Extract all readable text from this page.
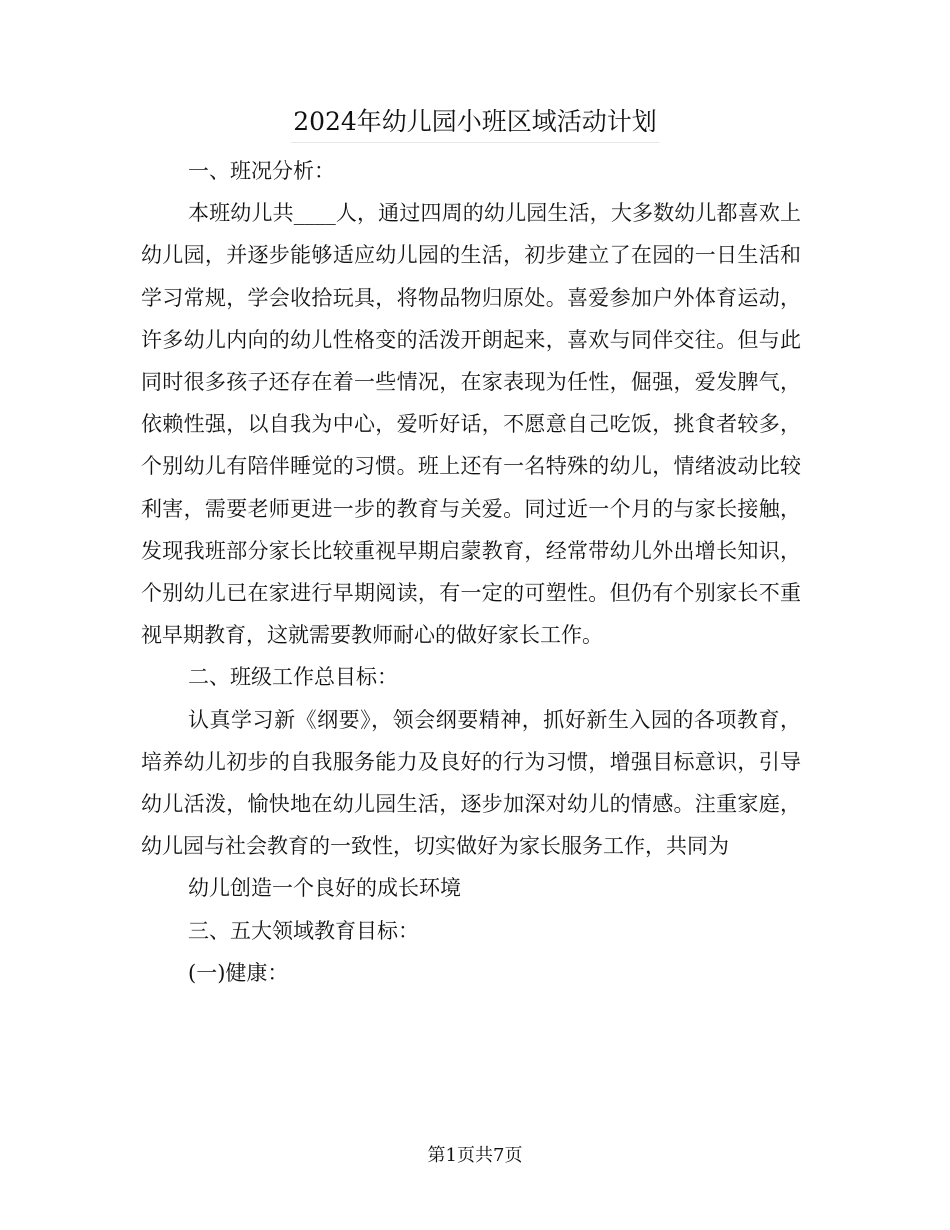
2024年幼儿园小班区域活动计划

一、班况分析：

本班幼儿共____人，通过四周的幼儿园生活，大多数幼儿都喜欢上幼儿园，并逐步能够适应幼儿园的生活，初步建立了在园的一日生活和学习常规，学会收拾玩具，将物品物归原处。喜爱参加户外体育运动，许多幼儿内向的幼儿性格变的活泼开朗起来，喜欢与同伴交往。但与此同时很多孩子还存在着一些情况，在家表现为任性，倔强，爱发脾气，依赖性强，以自我为中心，爱听好话，不愿意自己吃饭，挑食者较多，个别幼儿有陪伴睡觉的习惯。班上还有一名特殊的幼儿，情绪波动比较利害，需要老师更进一步的教育与关爱。同过近一个月的与家长接触，发现我班部分家长比较重视早期启蒙教育，经常带幼儿外出增长知识，个别幼儿已在家进行早期阅读，有一定的可塑性。但仍有个别家长不重视早期教育，这就需要教师耐心的做好家长工作。

二、班级工作总目标：

认真学习新《纲要》，领会纲要精神，抓好新生入园的各项教育，培养幼儿初步的自我服务能力及良好的行为习惯，增强目标意识，引导幼儿活泼，愉快地在幼儿园生活，逐步加深对幼儿的情感。注重家庭，幼儿园与社会教育的一致性，切实做好为家长服务工作，共同为

幼儿创造一个良好的成长环境

三、五大领域教育目标：

(一)健康：

第1页共7页
